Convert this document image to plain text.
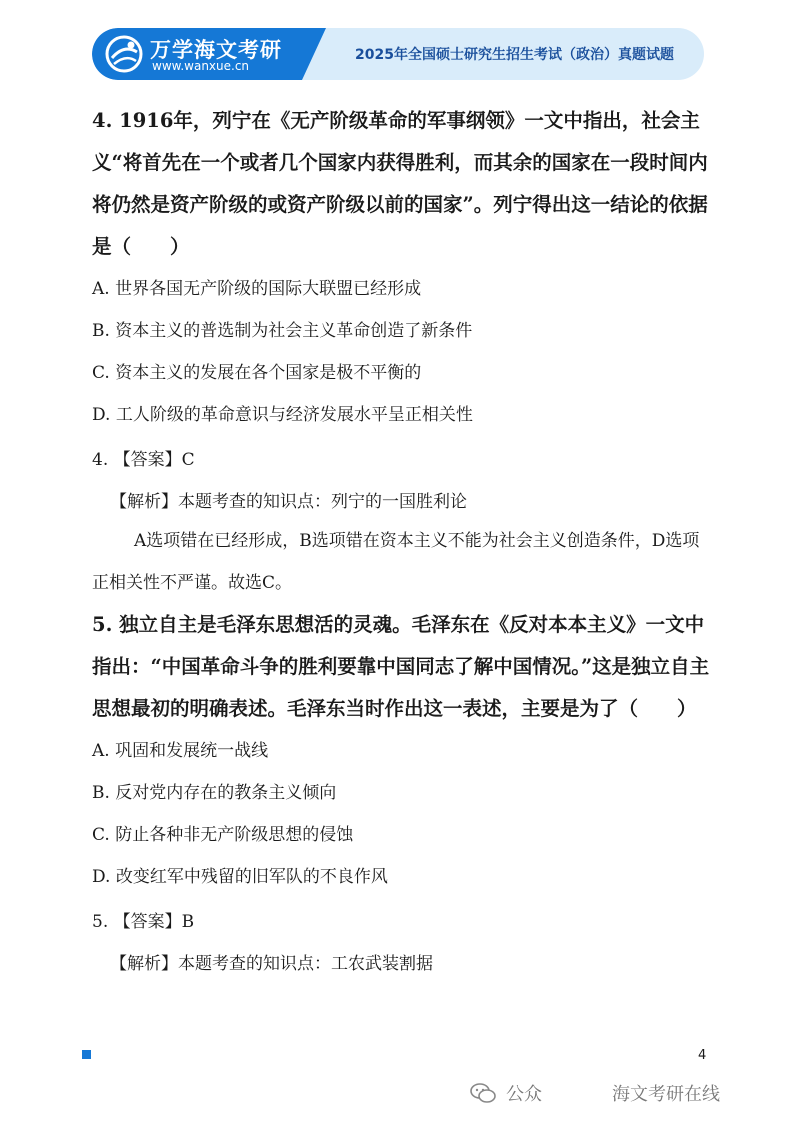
万学海文考研
www.wanxue.cn
2025年全国硕士研究生招生考试（政治）真题试题

4. 1916年，列宁在《无产阶级革命的军事纲领》一文中指出，社会主义“将首先在一个或者几个国家内获得胜利，而其余的国家在一段时间内将仍然是资产阶级的或资产阶级以前的国家”。列宁得出这一结论的依据是（　　）

A. 世界各国无产阶级的国际大联盟已经形成
B. 资本主义的普选制为社会主义革命创造了新条件
C. 资本主义的发展在各个国家是极不平衡的
D. 工人阶级的革命意识与经济发展水平呈正相关性
4. 【答案】C
【解析】本题考查的知识点：列宁的一国胜利论

A选项错在已经形成，B选项错在资本主义不能为社会主义创造条件，D选项正相关性不严谨。故选C。

5. 独立自主是毛泽东思想活的灵魂。毛泽东在《反对本本主义》一文中指出：“中国革命斗争的胜利要靠中国同志了解中国情况。”这是独立自主思想最初的明确表述。毛泽东当时作出这一表述，主要是为了（　　）

A. 巩固和发展统一战线
B. 反对党内存在的教条主义倾向
C. 防止各种非无产阶级思想的侵蚀
D. 改变红军中残留的旧军队的不良作风
5. 【答案】B
【解析】本题考查的知识点：工农武装割据
4
公众	海文考研在线
